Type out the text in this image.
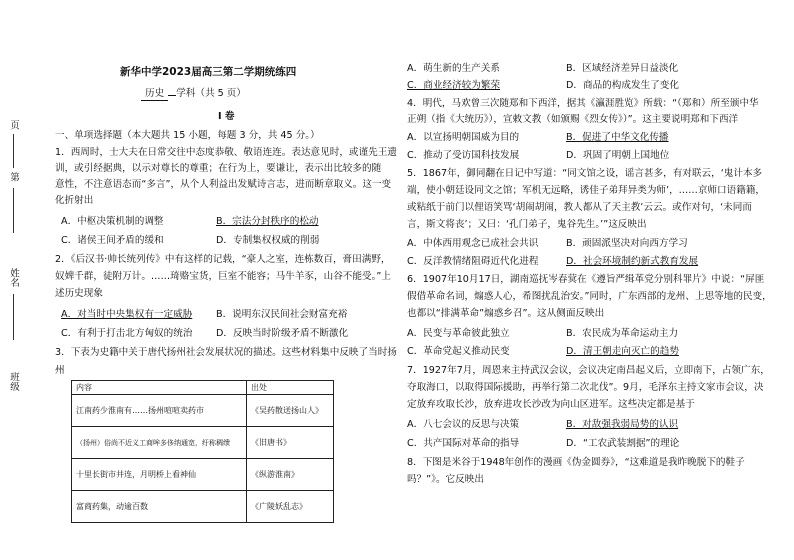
页
第
姓名
班级
新华中学2023届高三第二学期统练四
历史 学科（共 5 页）
I 卷
一、单项选择题（本大题共 15 小题，每题 3 分，共 45 分。）
1．西周时，士大夫在日常交往中态度恭敬、敬语连连。表达意见时，或谨先王遗
训，或引经据典，以示对尊长的尊重；在行为上，要谦让，表示出比较多的随
意性，不注意语态而“多言”，从个人利益出发赋诗言志，进而断章取义。这一变
化折射出
A．中枢决策机制的调整	B．宗法分封秩序的松动
C．诸侯王间矛盾的缓和	D．专制集权权威的削弱
2．《后汉书·帅长统列传》中有这样的记载，“豪人之室，连栋数百，膏田满野，
奴婢千群，徒附万计。……琦赂宝货，巨室不能容；马牛羊豕，山谷不能受。”上
述历史现象
A．对当时中央集权有一定威胁 B．说明东汉民间社会财富充裕
C．有利于打击北方匈奴的统治 D．反映当时阶级矛盾不断激化
3．下表为史籍中关于唐代扬州社会发展状况的描述。这些材料集中反映了当时扬
州
内容	出处
江南药少淮南有……扬州喧喧卖药市	《吴药散送扬山人》
（扬州）俗尚不近义工商哞多侈纳通宽，纡称稠缋	《旧唐书》
十里长街市井连，月明桥上看神仙	《纵游淮南》
富商药集，动逾百数	《广陵妖乱志》
A．萌生新的生产关系	B．区域经济差异日益淡化
C．商业经济较为繁荣	D．商品的构成发生了变化
4．明代，马欢曾三次随郑和下西洋，据其《瀛涯胜览》所载：“（郑和）所至颁中华
正朔（指《大统历》），宣敕文教（如颁赐《烈女传》）”。这主要说明郑和下西洋
A．以宣扬明朝国威为目的	B．促进了中华文化传播
C．推动了受访国科技发展	D．巩固了明朝上国地位
5．1867年，御同翻在日记中写道：“同文馆之设，谣言甚多，有对联云，‘鬼计本多
端，使小朝廷设同文之馆；军机无远略，诱佳子弟拜异类为师’，……京师口语籍籍，
或粘纸于前门以俚语笑骂‘胡闹胡闹，教人都从了天主教’云云。或作对句，‘未同而
言，斯文将丧’；又曰：‘孔门弟子，鬼谷先生。’”这反映出
A．中体西用观念已成社会共识	B．顽固派坚决对向西方学习
C．反洋教情绪阻碍近代化进程	D．社会环境制约新式教育发展
6．1907年10月17日，湖南巡抚岑春蓂在《遵旨严缉革党分别科罪片》中说：“屏匪
假借革命名词，煽惑人心，希图扰乱治安。”同时，广东西部的龙州、上思等地的民变，
也都以“排满革命”煽惑乡召”。这从侧面反映出
A．民变与革命彼此独立	B．农民成为革命运动主力
C．革命党起义推动民变	D．清王朝走向灭亡的趋势
7．1927年7月，周恩来主持武汉会议，会议决定南昌起义后，立即南下，占领广东，
夺取海口，以取得国际援助，再举行第二次北伐”。9月，毛泽东主持文家市会议，决
定放弃攻取长沙，放弃进攻长沙改为向山区进军。这些决定都是基于
A．八七会议的反思与决策	B．对敌强我弱局势的认识
C．共产国际对革命的指导	D．“工农武装割据”的理论
8．下图是米谷于1948年创作的漫画《伪金圆券》，“这难道是我昨晚脱下的鞋子
吗？”》。它反映出
